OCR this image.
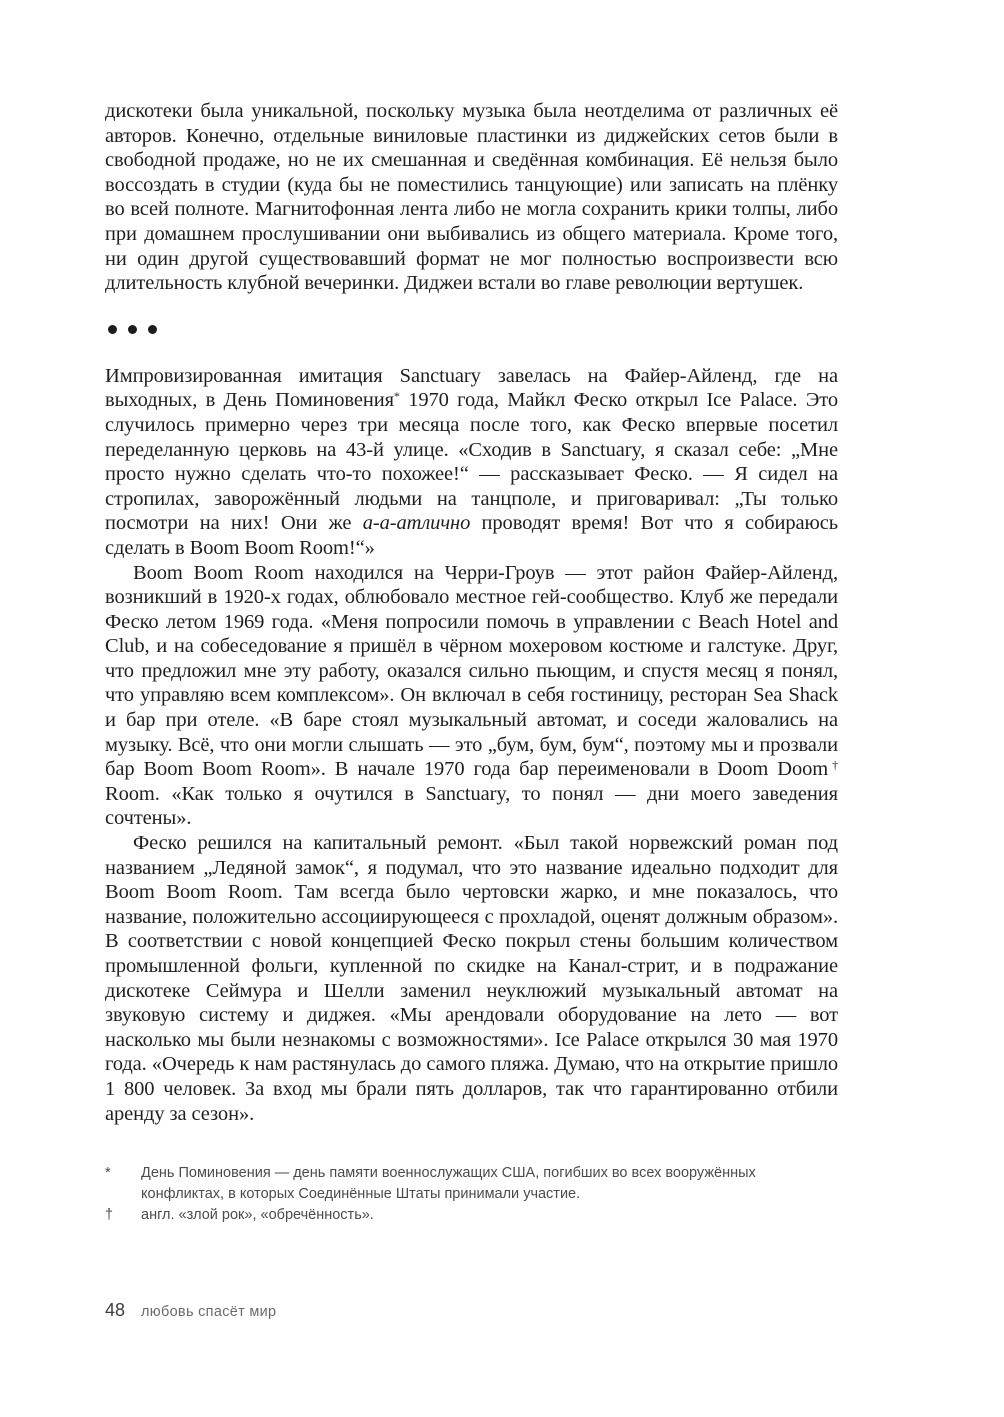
дискотеки была уникальной, поскольку музыка была неотделима от различных её авторов. Конечно, отдельные виниловые пластинки из диджейских сетов были в свободной продаже, но не их смешанная и сведённая комбинация. Её нельзя было воссоздать в студии (куда бы не поместились танцующие) или записать на плёнку во всей полноте. Магнитофонная лента либо не могла сохранить крики толпы, либо при домашнем прослушивании они выбивались из общего материала. Кроме того, ни один другой существовавший формат не мог полностью воспроизвести всю длительность клубной вечеринки. Диджеи встали во главе революции вертушек.

Импровизированная имитация Sanctuary завелась на Файер-Айленд, где на выходных, в День Поминовения* 1970 года, Майкл Феско открыл Ice Palace. Это случилось примерно через три месяца после того, как Феско впервые посетил переделанную церковь на 43-й улице. «Сходив в Sanctuary, я сказал себе: „Мне просто нужно сделать что-то похожее!“ — рассказывает Феско. — Я сидел на стропилах, заворожённый людьми на танцполе, и приговаривал: „Ты только посмотри на них! Они же а-а-атлично проводят время! Вот что я собираюсь сделать в Boom Boom Room!“»

Boom Boom Room находился на Черри-Гроув — этот район Файер-Айленд, возникший в 1920-х годах, облюбовало местное гей-сообщество. Клуб же передали Феско летом 1969 года. «Меня попросили помочь в управлении с Beach Hotel and Club, и на собеседование я пришёл в чёрном мохеровом костюме и галстуке. Друг, что предложил мне эту работу, оказался сильно пьющим, и спустя месяц я понял, что управляю всем комплексом». Он включал в себя гостиницу, ресторан Sea Shack и бар при отеле. «В баре стоял музыкальный автомат, и соседи жаловались на музыку. Всё, что они могли слышать — это „бум, бум, бум“, поэтому мы и прозвали бар Boom Boom Room». В начале 1970 года бар переименовали в Doom Doom† Room. «Как только я очутился в Sanctuary, то понял — дни моего заведения сочтены».

Феско решился на капитальный ремонт. «Был такой норвежский роман под названием „Ледяной замок“, я подумал, что это название идеально подходит для Boom Boom Room. Там всегда было чертовски жарко, и мне показалось, что название, положительно ассоциирующееся с прохладой, оценят должным образом». В соответствии с новой концепцией Феско покрыл стены большим количеством промышленной фольги, купленной по скидке на Канал-стрит, и в подражание дискотеке Сеймура и Шелли заменил неуклюжий музыкальный автомат на звуковую систему и диджея. «Мы арендовали оборудование на лето — вот насколько мы были незнакомы с возможностями». Ice Palace открылся 30 мая 1970 года. «Очередь к нам растянулась до самого пляжа. Думаю, что на открытие пришло 1 800 человек. За вход мы брали пять долларов, так что гарантированно отбили аренду за сезон».

*	День Поминовения — день памяти военнослужащих США, погибших во всех вооружённых конфликтах, в которых Соединённые Штаты принимали участие.
†	англ. «злой рок», «обречённость».
48 любовь спасёт мир
